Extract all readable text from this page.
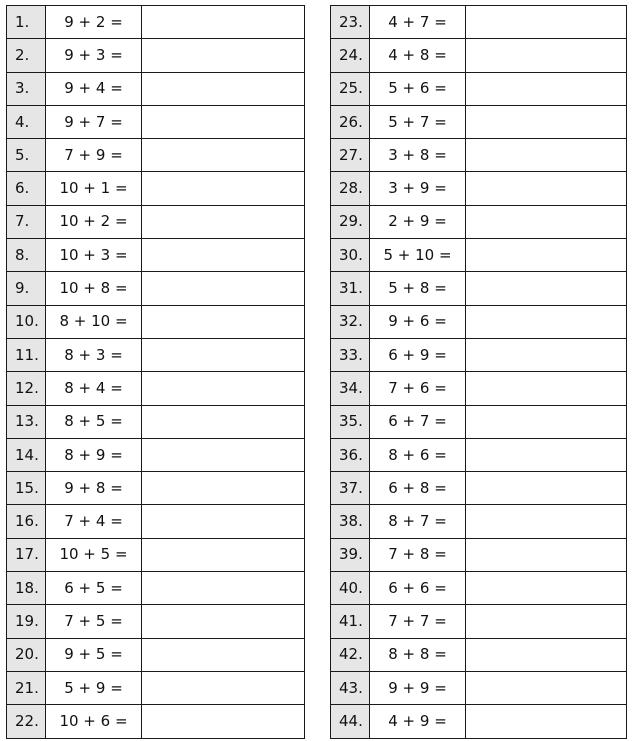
1.	9 + 2 =	
2.	9 + 3 =	
3.	9 + 4 =	
4.	9 + 7 =	
5.	7 + 9 =	
6.	10 + 1 =	
7.	10 + 2 =	
8.	10 + 3 =	
9.	10 + 8 =	
10.	8 + 10 =	
11.	8 + 3 =	
12.	8 + 4 =	
13.	8 + 5 =	
14.	8 + 9 =	
15.	9 + 8 =	
16.	7 + 4 =	
17.	10 + 5 =	
18.	6 + 5 =	
19.	7 + 5 =	
20.	9 + 5 =	
21.	5 + 9 =	
22.	10 + 6 =	
23.	4 + 7 =	
24.	4 + 8 =	
25.	5 + 6 =	
26.	5 + 7 =	
27.	3 + 8 =	
28.	3 + 9 =	
29.	2 + 9 =	
30.	5 + 10 =	
31.	5 + 8 =	
32.	9 + 6 =	
33.	6 + 9 =	
34.	7 + 6 =	
35.	6 + 7 =	
36.	8 + 6 =	
37.	6 + 8 =	
38.	8 + 7 =	
39.	7 + 8 =	
40.	6 + 6 =	
41.	7 + 7 =	
42.	8 + 8 =	
43.	9 + 9 =	
44.	4 + 9 =	
